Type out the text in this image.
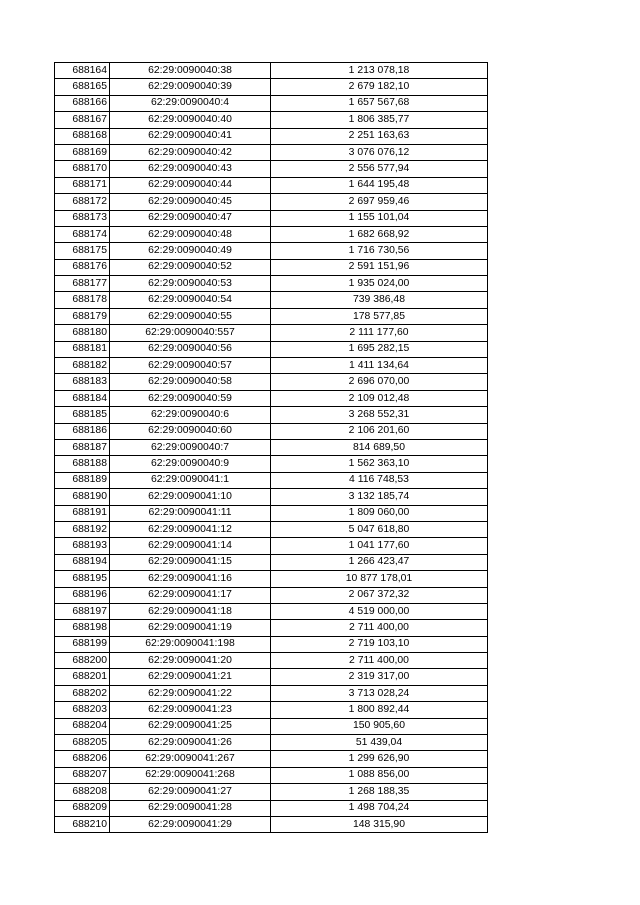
688164	62:29:0090040:38	1 213 078,18
688165	62:29:0090040:39	2 679 182,10
688166	62:29:0090040:4	1 657 567,68
688167	62:29:0090040:40	1 806 385,77
688168	62:29:0090040:41	2 251 163,63
688169	62:29:0090040:42	3 076 076,12
688170	62:29:0090040:43	2 556 577,94
688171	62:29:0090040:44	1 644 195,48
688172	62:29:0090040:45	2 697 959,46
688173	62:29:0090040:47	1 155 101,04
688174	62:29:0090040:48	1 682 668,92
688175	62:29:0090040:49	1 716 730,56
688176	62:29:0090040:52	2 591 151,96
688177	62:29:0090040:53	1 935 024,00
688178	62:29:0090040:54	739 386,48
688179	62:29:0090040:55	178 577,85
688180	62:29:0090040:557	2 111 177,60
688181	62:29:0090040:56	1 695 282,15
688182	62:29:0090040:57	1 411 134,64
688183	62:29:0090040:58	2 696 070,00
688184	62:29:0090040:59	2 109 012,48
688185	62:29:0090040:6	3 268 552,31
688186	62:29:0090040:60	2 106 201,60
688187	62:29:0090040:7	814 689,50
688188	62:29:0090040:9	1 562 363,10
688189	62:29:0090041:1	4 116 748,53
688190	62:29:0090041:10	3 132 185,74
688191	62:29:0090041:11	1 809 060,00
688192	62:29:0090041:12	5 047 618,80
688193	62:29:0090041:14	1 041 177,60
688194	62:29:0090041:15	1 266 423,47
688195	62:29:0090041:16	10 877 178,01
688196	62:29:0090041:17	2 067 372,32
688197	62:29:0090041:18	4 519 000,00
688198	62:29:0090041:19	2 711 400,00
688199	62:29:0090041:198	2 719 103,10
688200	62:29:0090041:20	2 711 400,00
688201	62:29:0090041:21	2 319 317,00
688202	62:29:0090041:22	3 713 028,24
688203	62:29:0090041:23	1 800 892,44
688204	62:29:0090041:25	150 905,60
688205	62:29:0090041:26	51 439,04
688206	62:29:0090041:267	1 299 626,90
688207	62:29:0090041:268	1 088 856,00
688208	62:29:0090041:27	1 268 188,35
688209	62:29:0090041:28	1 498 704,24
688210	62:29:0090041:29	148 315,90
